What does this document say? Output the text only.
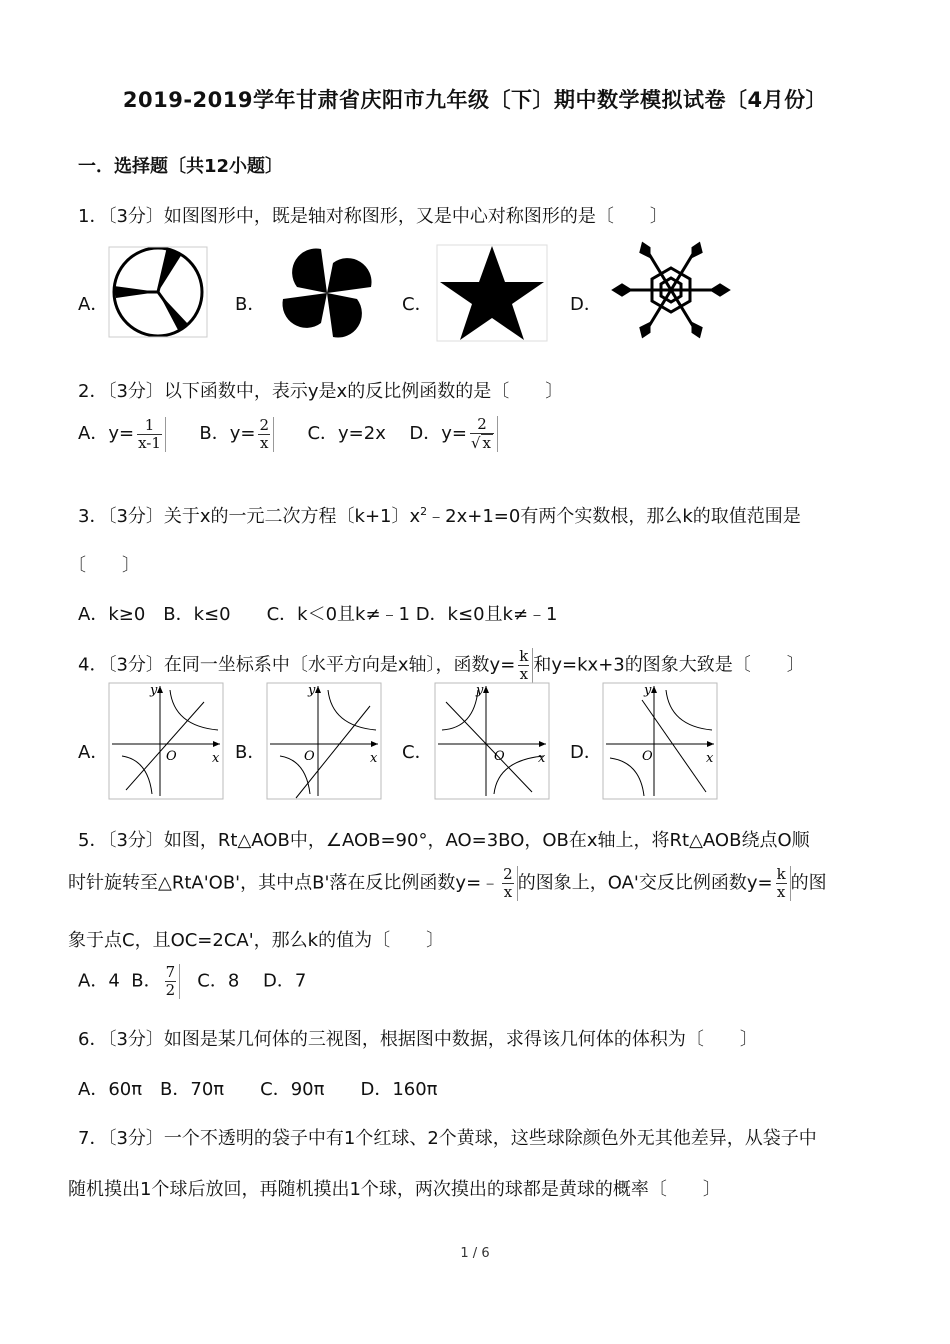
2019-2019学年甘肃省庆阳市九年级〔下〕期中数学模拟试卷〔4月份〕
一．选择题〔共12小题〕
1．〔3分〕如图图形中，既是轴对称图形，又是中心对称图形的是〔　　〕
A．	B．	C．	D．
2．〔3分〕以下函数中，表示y是x的反比例函数的是〔　　〕
A．$y= \frac{1}{x-1}$ B．$y= \frac{2}{x}$ C．y=2x D．$y= \frac{2}{√ x}$
3．〔3分〕关于x的一元二次方程〔k+1〕$x^2﹣2x+1=0$有两个实数根，那么k的取值范围是
〔　　〕
A．k≥0　B．k≤0　　C．k＜0且k≠﹣1 D．k≤0且k≠﹣1
4．〔3分〕在同一坐标系中〔水平方向是x轴〕，函数$y= \frac{k}{x}$ 和y=kx+3的图象大致是〔　　〕
A．
y
x
O	B．
y
x
O	C．
y
x
O	D．
y
x
O
5．〔3分〕如图，Rt△AOB中，∠AOB=90°，AO=3BO，OB在x轴上，将Rt△AOB绕点O顺
时针旋转至△RtA'OB'，其中点B'落在反比例函数y=﹣ $\frac{2}{x}$ 的图象上，OA'交反比例函数$y= \frac{k}{x}$ 的图
象于点C，且OC=2CA'，那么k的值为〔　　〕
A．4 B． $\frac{7}{2}$ C．8　 D．7
6．〔3分〕如图是某几何体的三视图，根据图中数据，求得该几何体的体积为〔　　〕
A．60π　B．70π　　C．90π　　D．160π
7．〔3分〕一个不透明的袋子中有1个红球、2个黄球，这些球除颜色外无其他差异，从袋子中
随机摸出1个球后放回，再随机摸出1个球，两次摸出的球都是黄球的概率〔　　〕
1 / 6
